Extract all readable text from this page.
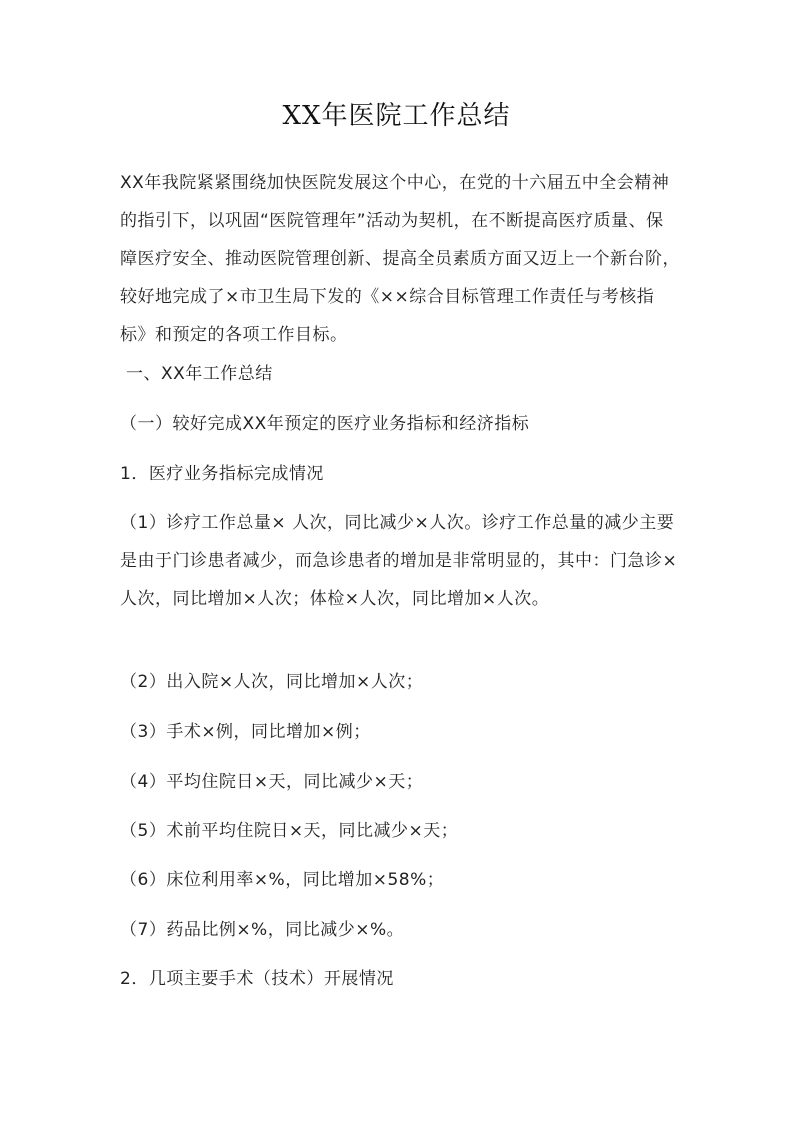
XX年医院工作总结

XX年我院紧紧围绕加快医院发展这个中心，在党的十六届五中全会精神的指引下，以巩固“医院管理年”活动为契机，在不断提高医疗质量、保障医疗安全、推动医院管理创新、提高全员素质方面又迈上一个新台阶，较好地完成了×市卫生局下发的《××综合目标管理工作责任与考核指标》和预定的各项工作目标。

一、XX年工作总结
（一）较好完成XX年预定的医疗业务指标和经济指标
1．医疗业务指标完成情况

（1）诊疗工作总量× 人次，同比减少×人次。诊疗工作总量的减少主要是由于门诊患者减少，而急诊患者的增加是非常明显的，其中：门急诊×人次，同比增加×人次；体检×人次，同比增加×人次。

（2）出入院×人次，同比增加×人次；
（3）手术×例，同比增加×例；
（4）平均住院日×天，同比减少×天；
（5）术前平均住院日×天，同比减少×天；
（6）床位利用率×%，同比增加×58%；
（7）药品比例×%，同比减少×%。
2．几项主要手术（技术）开展情况
